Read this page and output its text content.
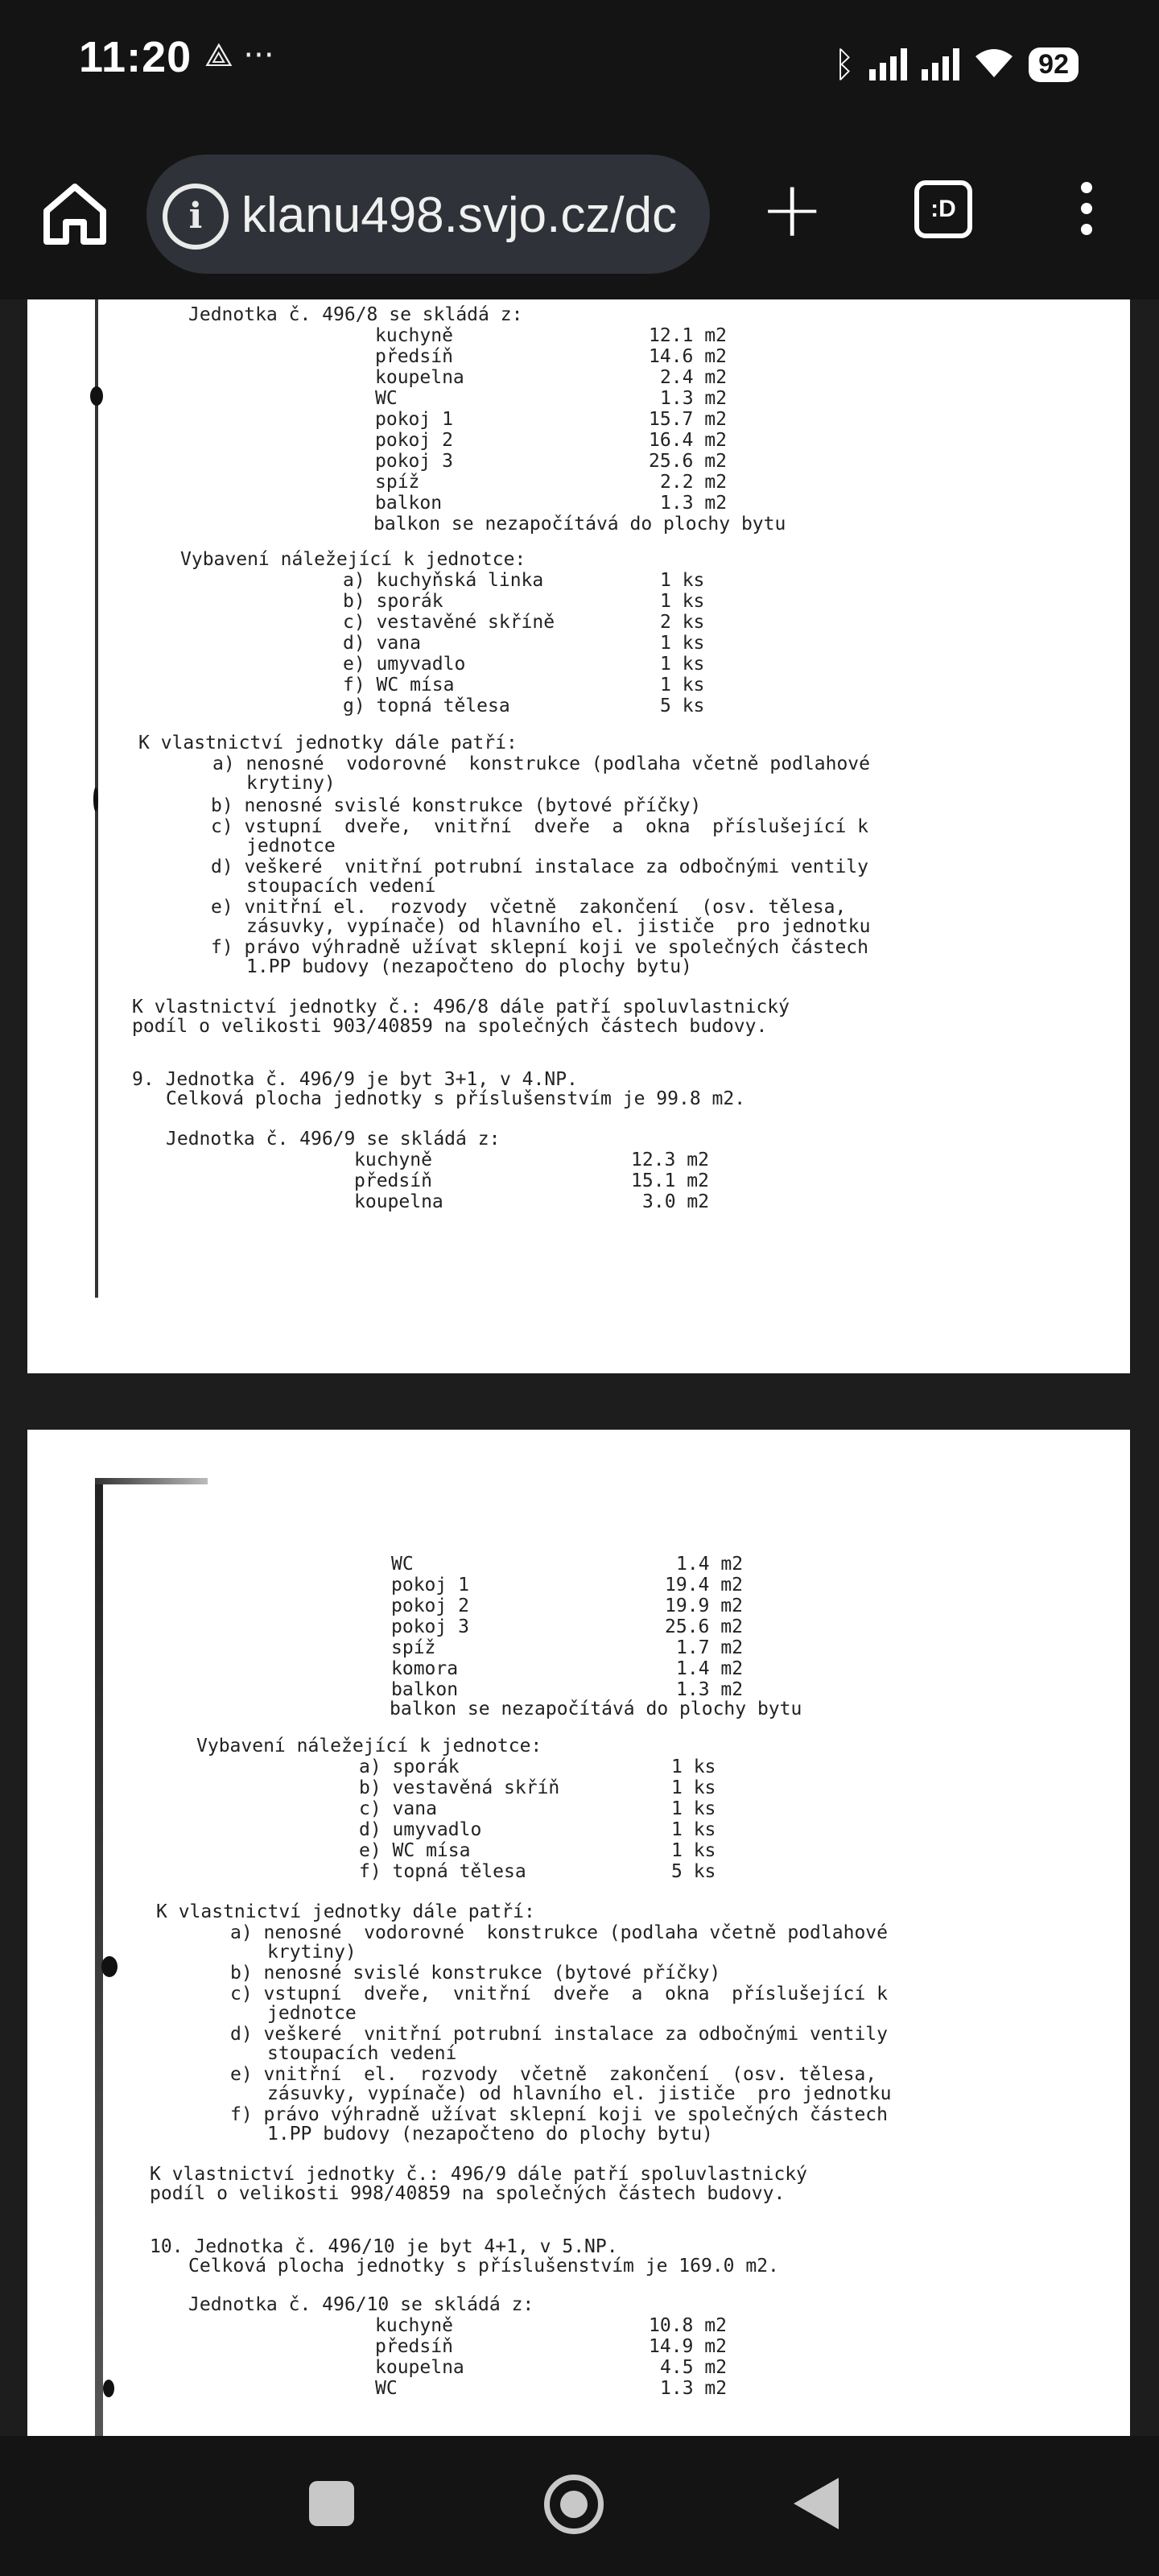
11:20 ⟁ ···	ᛒ	92
i klanu498.svjo.cz/dc +	:D
Jednotka č. 496/8 se skládá z:
kuchyně	12.1 m2
předsíň	14.6 m2
koupelna	2.4 m2
WC	1.3 m2
pokoj 1	15.7 m2
pokoj 2	16.4 m2
pokoj 3	25.6 m2
spíž	2.2 m2
balkon	1.3 m2
balkon se nezapočítává do plochy bytu
Vybavení náležející k jednotce:
a) kuchyňská linka	1 ks
b) sporák	1 ks
c) vestavěné skříně	2 ks
d) vana	1 ks
e) umyvadlo	1 ks
f) WC mísa	1 ks
g) topná tělesa	5 ks
K vlastnictví jednotky dále patří:
a) nenosné  vodorovné  konstrukce (podlaha včetně podlahové
krytiny)
b) nenosné svislé konstrukce (bytové příčky)
c) vstupní  dveře,  vnitřní  dveře  a  okna  příslušející k
jednotce
d) veškeré  vnitřní potrubní instalace za odbočnými ventily
stoupacích vedení
e) vnitřní el.  rozvody  včetně  zakončení  (osv. tělesa,
zásuvky, vypínače) od hlavního el. jističe  pro jednotku
f) právo výhradně užívat sklepní koji ve společných částech
1.PP budovy (nezapočteno do plochy bytu)
K vlastnictví jednotky č.: 496/8 dále patří spoluvlastnický
podíl o velikosti 903/40859 na společných částech budovy.
9. Jednotka č. 496/9 je byt 3+1, v 4.NP.
Celková plocha jednotky s příslušenstvím je 99.8 m2.
Jednotka č. 496/9 se skládá z:
kuchyně	12.3 m2
předsíň	15.1 m2
koupelna	3.0 m2
WC	1.4 m2
pokoj 1	19.4 m2
pokoj 2	19.9 m2
pokoj 3	25.6 m2
spíž	1.7 m2
komora	1.4 m2
balkon	1.3 m2
balkon se nezapočítává do plochy bytu
Vybavení náležející k jednotce:
a) sporák	1 ks
b) vestavěná skříň	1 ks
c) vana	1 ks
d) umyvadlo	1 ks
e) WC mísa	1 ks
f) topná tělesa	5 ks
K vlastnictví jednotky dále patří:
a) nenosné  vodorovné  konstrukce (podlaha včetně podlahové
krytiny)
b) nenosné svislé konstrukce (bytové příčky)
c) vstupní  dveře,  vnitřní  dveře  a  okna  příslušející k
jednotce
d) veškeré  vnitřní potrubní instalace za odbočnými ventily
stoupacích vedení
e) vnitřní  el.  rozvody  včetně  zakončení  (osv. tělesa,
zásuvky, vypínače) od hlavního el. jističe  pro jednotku
f) právo výhradně užívat sklepní koji ve společných částech
1.PP budovy (nezapočteno do plochy bytu)
K vlastnictví jednotky č.: 496/9 dále patří spoluvlastnický
podíl o velikosti 998/40859 na společných částech budovy.
10. Jednotka č. 496/10 je byt 4+1, v 5.NP.
Celková plocha jednotky s příslušenstvím je 169.0 m2.
Jednotka č. 496/10 se skládá z:
kuchyně	10.8 m2
předsíň	14.9 m2
koupelna	4.5 m2
WC	1.3 m2
